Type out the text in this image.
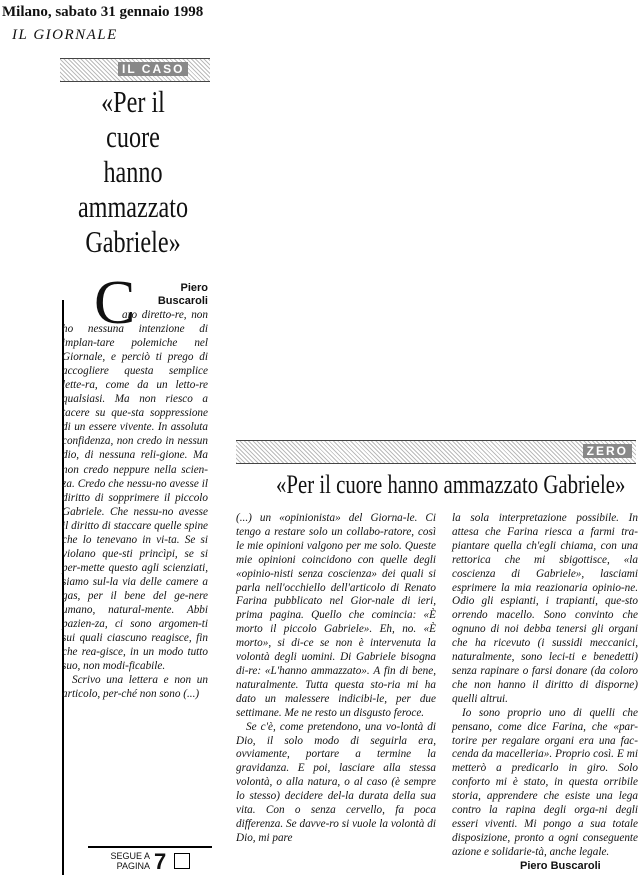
Milano, sabato 31 gennaio 1998
IL GIORNALE
IL CASO
«Per il cuore hanno ammazzato Gabriele»
Piero
Buscaroli
C

aro diretto-re, non ho nessuna intenzione di implan-tare polemiche nel Giornale, e perciò ti prego di accogliere questa semplice lette-ra, come da un letto-re qualsiasi. Ma non riesco a tacere su que-sta soppressione di un essere vivente. In assoluta confidenza, non credo in nessun dio, di nessuna reli-gione. Ma non credo neppure nella scien-za. Credo che nessu-no avesse il diritto di sopprimere il piccolo Gabriele. Che nessu-no avesse il diritto di staccare quelle spine che lo tenevano in vi-ta. Se si violano que-sti princìpi, se si per-mette questo agli scienziati, siamo sul-la via delle camere a gas, per il bene del ge-nere umano, natural-mente. Abbi pazien-za, ci sono argomen-ti sui quali ciascuno reagisce, fin che rea-gisce, in un modo tutto suo, non modi-ficabile.

Scrivo una lettera e non un articolo, per-ché non sono (...)

SEGUE A PAGINA 7
ZERO
«Per il cuore hanno ammazzato Gabriele»

(...) un «opinionista» del Giorna-le. Ci tengo a restare solo un collabo-ratore, così le mie opinioni valgono per me solo. Queste mie opinioni coincidono con quelle degli «opinio-nisti senza coscienza» dei quali si parla nell'occhiello dell'articolo di Renato Farina pubblicato nel Gior-nale di ieri, prima pagina. Quello che comincia: «È morto il piccolo Gabriele». Eh, no. «È morto», si di-ce se non è intervenuta la volontà degli uomini. Di Gabriele bisogna di-re: «L'hanno ammazzato». A fin di bene, naturalmente. Tutta questa sto-ria mi ha dato un malessere indicibi-le, per due settimane. Me ne resto un disgusto feroce.

Se c'è, come pretendono, una vo-lontà di Dio, il solo modo di seguirla era, ovviamente, portare a termine la gravidanza. E poi, lasciare alla stessa volontà, o alla natura, o al caso (è sempre lo stesso) decidere del-la durata della sua vita. Con o senza cervello, fa poca differenza. Se davve-ro si vuole la volontà di Dio, mi pare

la sola interpretazione possibile. In attesa che Farina riesca a farmi tra-piantare quella ch'egli chiama, con una rettorica che mi sbigottisce, «la coscienza di Gabriele», lasciami esprimere la mia reazionaria opinio-ne. Odio gli espianti, i trapianti, que-sto orrendo macello. Sono convinto che ognuno di noi debba tenersi gli organi che ha ricevuto (i sussidi meccanici, naturalmente, sono leci-ti e benedetti) senza rapinare o farsi donare (da coloro che non hanno il diritto di disporne) quelli altrui.

Io sono proprio uno di quelli che pensano, come dice Farina, che «par-torire per regalare organi era una fac-cenda da macelleria». Proprio così. E mi metterò a predicarlo in giro. Solo conforto mi è stato, in questa orribile storia, apprendere che esiste una lega contro la rapina degli orga-ni degli esseri viventi. Mi pongo a sua totale disposizione, pronto a ogni conseguente azione e solidarie-tà, anche legale.

Piero Buscaroli
